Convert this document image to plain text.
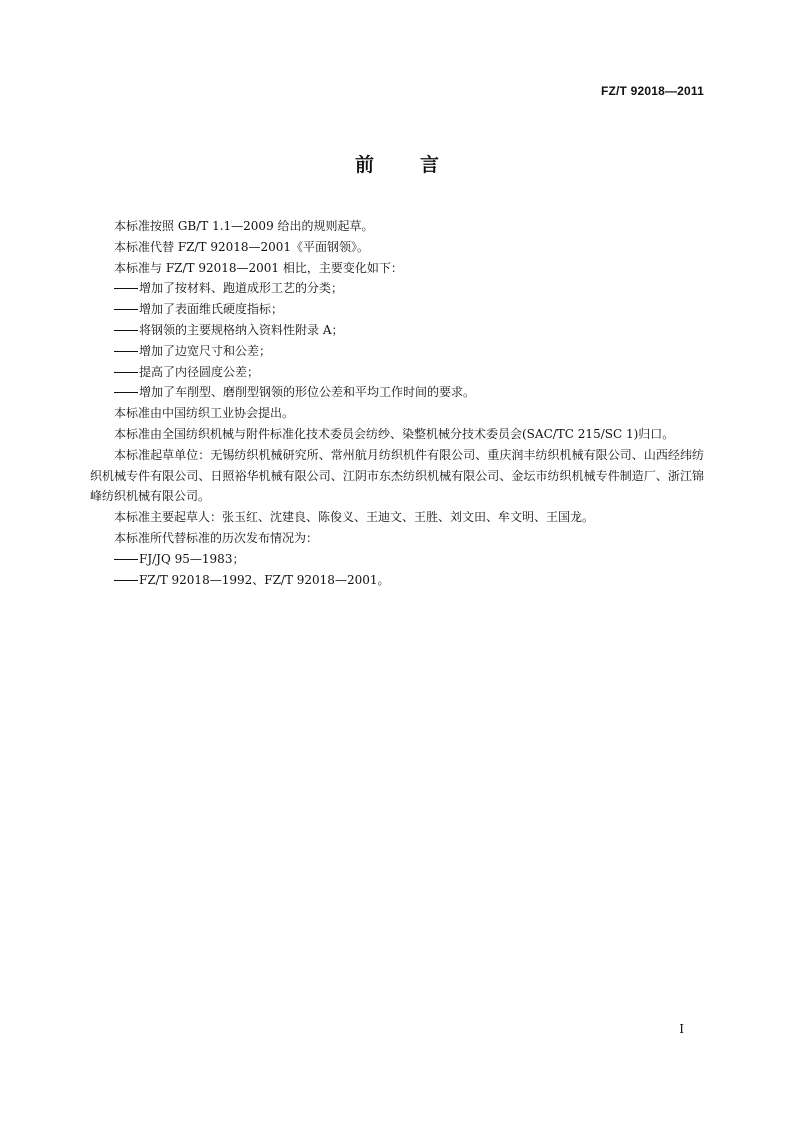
FZ/T 92018—2011
前言

本标准按照 GB/T 1.1—2009 给出的规则起草。

本标准代替 FZ/T 92018—2001《平面钢领》。

本标准与 FZ/T 92018—2001 相比，主要变化如下：

增加了按材料、跑道成形工艺的分类；

增加了表面维氏硬度指标；

将钢领的主要规格纳入资料性附录 A；

增加了边宽尺寸和公差；

提高了内径圆度公差；

增加了车削型、磨削型钢领的形位公差和平均工作时间的要求。

本标准由中国纺织工业协会提出。

本标准由全国纺织机械与附件标准化技术委员会纺纱、染整机械分技术委员会(SAC/TC 215/SC 1)归口。

本标准起草单位：无锡纺织机械研究所、常州航月纺织机件有限公司、重庆润丰纺织机械有限公司、山西经纬纺织机械专件有限公司、日照裕华机械有限公司、江阴市东杰纺织机械有限公司、金坛市纺织机械专件制造厂、浙江锦峰纺织机械有限公司。

本标准主要起草人：张玉红、沈建良、陈俊义、王迪文、王胜、刘文田、牟文明、王国龙。

本标准所代替标准的历次发布情况为：

FJ/JQ 95—1983；

FZ/T 92018—1992、FZ/T 92018—2001。

I
